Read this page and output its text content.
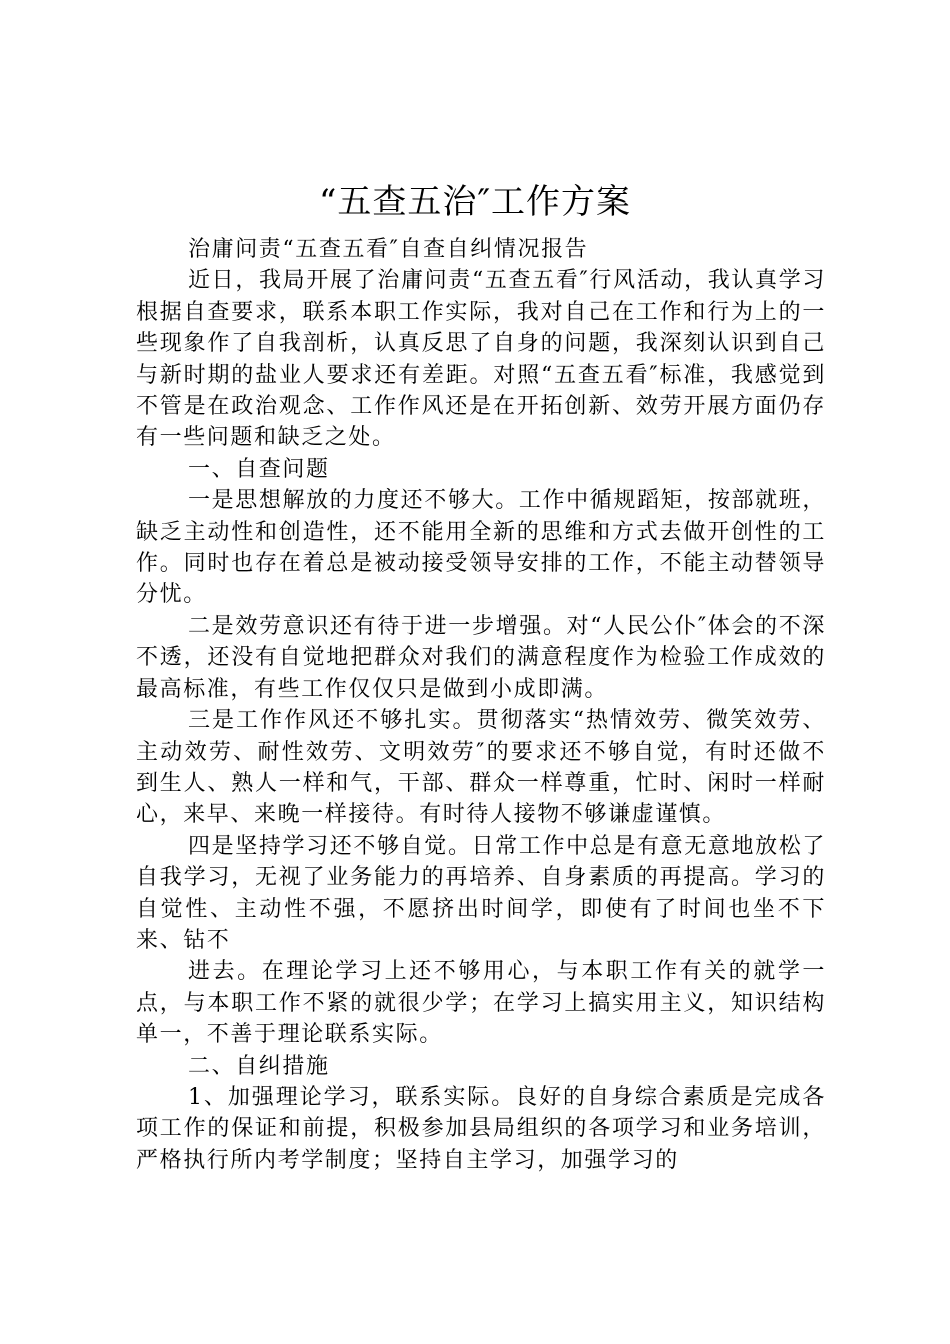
“五查五治″工作方案

治庸问责“五查五看″自查自纠情况报告

近日，我局开展了治庸问责“五查五看″行风活动，我认真学习根据自查要求，联系本职工作实际，我对自己在工作和行为上的一些现象作了自我剖析，认真反思了自身的问题，我深刻认识到自己与新时期的盐业人要求还有差距。对照“五查五看″标准，我感觉到不管是在政治观念、工作作风还是在开拓创新、效劳开展方面仍存有一些问题和缺乏之处。

一、自查问题

一是思想解放的力度还不够大。工作中循规蹈矩，按部就班，缺乏主动性和创造性，还不能用全新的思维和方式去做开创性的工作。同时也存在着总是被动接受领导安排的工作，不能主动替领导分忧。

二是效劳意识还有待于进一步增强。对“人民公仆″体会的不深不透，还没有自觉地把群众对我们的满意程度作为检验工作成效的最高标准，有些工作仅仅只是做到小成即满。

三是工作作风还不够扎实。贯彻落实“热情效劳、微笑效劳、主动效劳、耐性效劳、文明效劳″的要求还不够自觉，有时还做不到生人、熟人一样和气，干部、群众一样尊重，忙时、闲时一样耐心，来早、来晚一样接待。有时待人接物不够谦虚谨慎。

四是坚持学习还不够自觉。日常工作中总是有意无意地放松了自我学习，无视了业务能力的再培养、自身素质的再提高。学习的自觉性、主动性不强，不愿挤出时间学，即使有了时间也坐不下来、钻不

进去。在理论学习上还不够用心，与本职工作有关的就学一点，与本职工作不紧的就很少学；在学习上搞实用主义，知识结构单一，不善于理论联系实际。

二、自纠措施

1、加强理论学习，联系实际。良好的自身综合素质是完成各项工作的保证和前提，积极参加县局组织的各项学习和业务培训，严格执行所内考学制度；坚持自主学习，加强学习的
